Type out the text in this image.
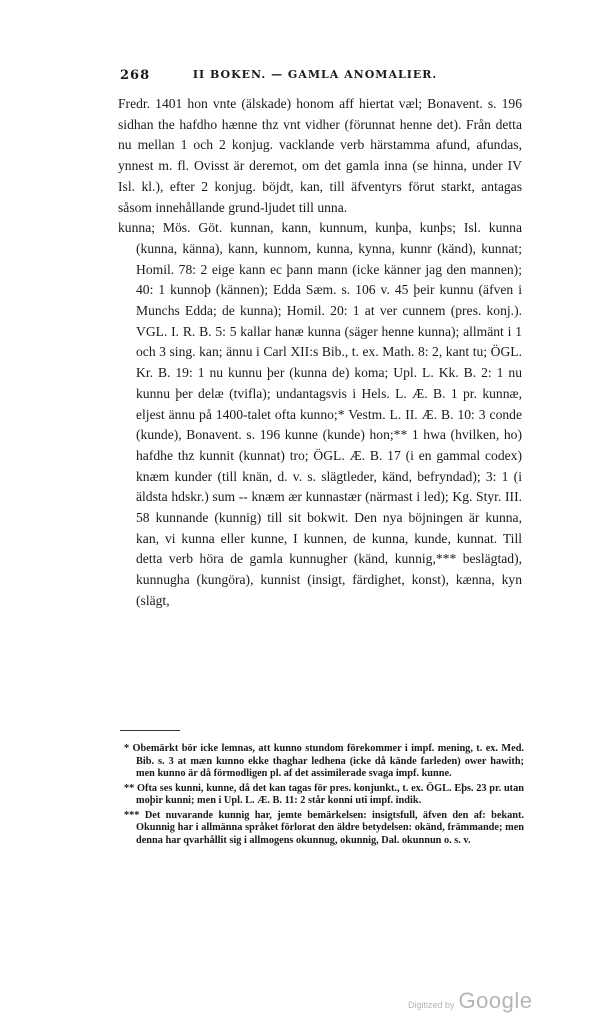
268	II BOKEN. — GAMLA ANOMALIER.

Fredr. 1401 hon vnte (älskade) honom aff hiertat væl; Bonavent. s. 196 sidhan the hafdho hænne thz vnt vidher (förunnat henne det). Från detta nu mellan 1 och 2 konjug. vacklande verb härstamma afund, afundas, ynnest m. fl. Ovisst är deremot, om det gamla inna (se hinna, under IV Isl. kl.), efter 2 konjug. böjdt, kan, till äfventyrs förut starkt, antagas såsom innehållande grund-ljudet till unna.

kunna; Mös. Göt. kunnan, kann, kunnum, kunþa, kunþs; Isl. kunna (kunna, känna), kann, kunnom, kunna, kynna, kunnr (känd), kunnat; Homil. 78: 2 eige kann ec þann mann (icke känner jag den mannen); 40: 1 kunnoþ (kännen); Edda Sæm. s. 106 v. 45 þeir kunnu (äfven i Munchs Edda; de kunna); Homil. 20: 1 at ver cunnem (pres. konj.). VGL. I. R. B. 5: 5 kallar hanæ kunna (säger henne kunna); allmänt i 1 och 3 sing. kan; ännu i Carl XII:s Bib., t. ex. Math. 8: 2, kant tu; ÖGL. Kr. B. 19: 1 nu kunnu þer (kunna de) koma; Upl. L. Kk. B. 2: 1 nu kunnu þer delæ (tvifla); undantagsvis i Hels. L. Æ. B. 1 pr. kunnæ, eljest ännu på 1400-talet ofta kunno;* Vestm. L. II. Æ. B. 10: 3 conde (kunde), Bonavent. s. 196 kunne (kunde) hon;** 1 hwa (hvilken, ho) hafdhe thz kunnit (kunnat) tro; ÖGL. Æ. B. 17 (i en gammal codex) knæm kunder (till knän, d. v. s. slägtleder, känd, befryndad); 3: 1 (i äldsta hdskr.) sum -- knæm ær kunnastær (närmast i led); Kg. Styr. III. 58 kunnande (kunnig) till sit bokwit. Den nya böjningen är kunna, kan, vi kunna eller kunne, I kunnen, de kunna, kunde, kunnat. Till detta verb höra de gamla kunnugher (känd, kunnig,*** beslägtad), kunnugha (kungöra), kunnist (insigt, färdighet, konst), kænna, kyn (slägt,

* Obemärkt bör icke lemnas, att kunno stundom förekommer i impf. mening, t. ex. Med. Bib. s. 3 at mæn kunno ekke thaghar ledhena (icke då kände farleden) ower hawith; men kunno är då förmodligen pl. af det assimilerade svaga impf. kunne.

** Ofta ses kunni, kunne, då det kan tagas för pres. konjunkt., t. ex. ÖGL. Eþs. 23 pr. utan moþir kunni; men i Upl. L. Æ. B. 11: 2 står konni uti impf. indik.

*** Det nuvarande kunnig har, jemte bemärkelsen: insigtsfull, äfven den af: bekant. Okunnig har i allmänna språket förlorat den äldre betydelsen: okänd, främmande; men denna har qvarhållit sig i allmogens okunnug, okunnig, Dal. okunnun o. s. v.

Digitized by Google
